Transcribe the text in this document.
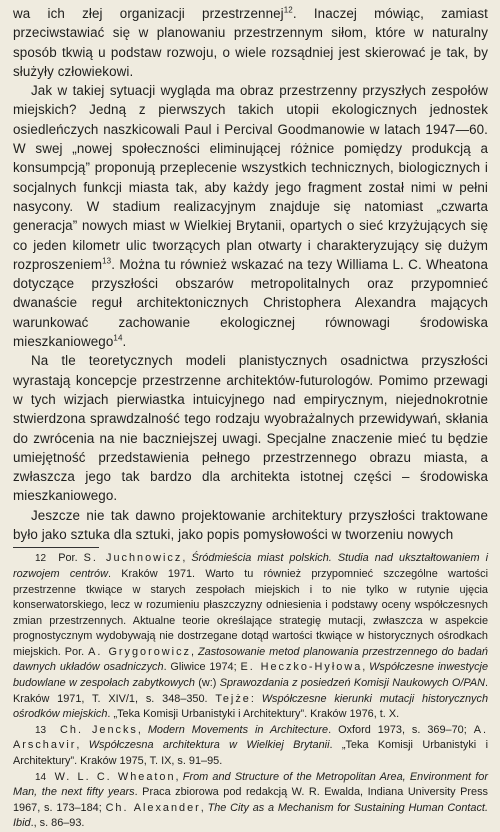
wa ich złej organizacji przestrzennej$^{12}$. Inaczej mówiąc, zamiast przeciwstawiać się w planowaniu przestrzennym siłom, które w naturalny sposób tkwią u podstaw rozwoju, o wiele rozsądniej jest skierować je tak, by służyły człowiekowi.

Jak w takiej sytuacji wygląda ma obraz przestrzenny przyszłych zespołów miejskich? Jedną z pierwszych takich utopii ekologicznych jednostek osiedleńczych naszkicowali Paul i Percival Goodmanowie w latach 1947—60. W swej „nowej społeczności eliminującej różnice pomiędzy produkcją a konsumpcją” proponują przeplecenie wszystkich technicznych, biologicznych i socjalnych funkcji miasta tak, aby każdy jego fragment został nimi w pełni nasycony. W stadium realizacyjnym znajduje się natomiast „czwarta generacja” nowych miast w Wielkiej Brytanii, opartych o sieć krzyżujących się co jeden kilometr ulic tworzących plan otwarty i charakteryzujący się dużym rozproszeniem$^{13}$. Można tu również wskazać na tezy Williama L. C. Wheatona dotyczące przyszłości obszarów metropolitalnych oraz przypomnieć dwanaście reguł architektonicznych Christophera Alexandra mających warunkować zachowanie ekologicznej równowagi środowiska mieszkaniowego$^{14}$.

Na tle teoretycznych modeli planistycznych osadnictwa przyszłości wyrastają koncepcje przestrzenne architektów-futurologów. Pomimo przewagi w tych wizjach pierwiastka intuicyjnego nad empirycznym, niejednokrotnie stwierdzona sprawdzalność tego rodzaju wyobrażalnych przewidywań, skłania do zwrócenia na nie baczniejszej uwagi. Specjalne znaczenie mieć tu będzie umiejętność przedstawienia pełnego przestrzennego obrazu miasta, a zwłaszcza jego tak bardzo dla architekta istotnej części – środowiska mieszkaniowego.

Jeszcze nie tak dawno projektowanie architektury przyszłości traktowane było jako sztuka dla sztuki, jako popis pomysłowości w tworzeniu nowych

12 Por. S. Juchnowicz, Śródmieścia miast polskich. Studia nad ukształtowaniem i rozwojem centrów. Kraków 1971. Warto tu również przypomnieć szczególne wartości przestrzenne tkwiące w starych zespołach miejskich i to nie tylko w rutynie ujęcia konserwatorskiego, lecz w rozumieniu płaszczyzny odniesienia i podstawy oceny współczesnych zmian przestrzennych. Aktualne teorie określające strategię mutacji, zwłaszcza w aspekcie prognostycznym wydobywają nie dostrzegane dotąd wartości tkwiące w historycznych ośrodkach miejskich. Por. A. Grygorowicz, Zastosowanie metod planowania przestrzennego do badań dawnych układów osadniczych. Gliwice 1974; E. Heczko-Hyłowa, Współczesne inwestycje budowlane w zespołach zabytkowych (w:) Sprawozdania z posiedzeń Komisji Naukowych O/PAN. Kraków 1971, T. XIV/1, s. 348–350. Tejże: Współczesne kierunki mutacji historycznych ośrodków miejskich. „Teka Komisji Urbanistyki i Architektury”. Kraków 1976, t. X.

13 Ch. Jencks, Modern Movements in Architecture. Oxford 1973, s. 369–70; A. Arschavir, Współczesna architektura w Wielkiej Brytanii. „Teka Komisji Urbanistyki i Architektury”. Kraków 1975, T. IX, s. 91–95.

14 W. L. C. Wheaton, From and Structure of the Metropolitan Area, Environment for Man, the next fifty years. Praca zbiorowa pod redakcją W. R. Ewalda, Indiana University Press 1967, s. 173–184; Ch. Alexander, The City as a Mechanism for Sustaining Human Contact. Ibid., s. 86–93.
